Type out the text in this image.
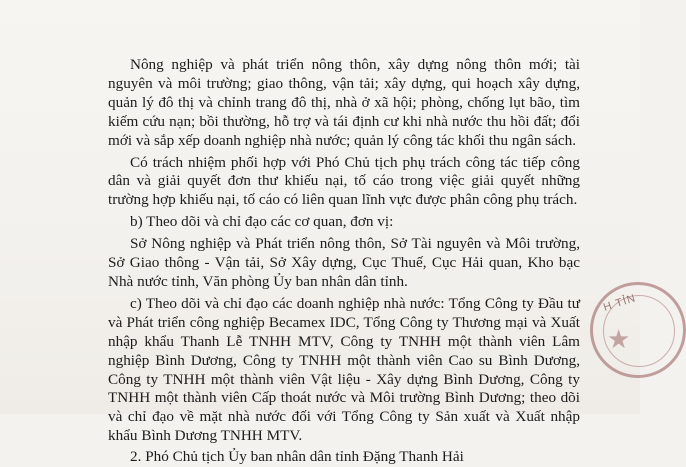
Nông nghiệp và phát triển nông thôn, xây dựng nông thôn mới; tài nguyên và môi trường; giao thông, vận tải; xây dựng, qui hoạch xây dựng, quản lý đô thị và chỉnh trang đô thị, nhà ở xã hội; phòng, chống lụt bão, tìm kiếm cứu nạn; bồi thường, hỗ trợ và tái định cư khi nhà nước thu hồi đất; đổi mới và sắp xếp doanh nghiệp nhà nước; quản lý công tác khối thu ngân sách.

Có trách nhiệm phối hợp với Phó Chủ tịch phụ trách công tác tiếp công dân và giải quyết đơn thư khiếu nại, tố cáo trong việc giải quyết những trường hợp khiếu nại, tố cáo có liên quan lĩnh vực được phân công phụ trách.

b) Theo dõi và chỉ đạo các cơ quan, đơn vị:

Sở Nông nghiệp và Phát triển nông thôn, Sở Tài nguyên và Môi trường, Sở Giao thông - Vận tải, Sở Xây dựng, Cục Thuế, Cục Hải quan, Kho bạc Nhà nước tỉnh, Văn phòng Ủy ban nhân dân tỉnh.

c) Theo dõi và chỉ đạo các doanh nghiệp nhà nước: Tổng Công ty Đầu tư và Phát triển công nghiệp Becamex IDC, Tổng Công ty Thương mại và Xuất nhập khẩu Thanh Lễ TNHH MTV, Công ty TNHH một thành viên Lâm nghiệp Bình Dương, Công ty TNHH một thành viên Cao su Bình Dương, Công ty TNHH một thành viên Vật liệu - Xây dựng Bình Dương, Công ty TNHH một thành viên Cấp thoát nước và Môi trường Bình Dương; theo dõi và chỉ đạo về mặt nhà nước đối với Tổng Công ty Sản xuất và Xuất nhập khẩu Bình Dương TNHH MTV.

2. Phó Chủ tịch Ủy ban nhân dân tỉnh Đặng Thanh Hải

H TỈN
★
